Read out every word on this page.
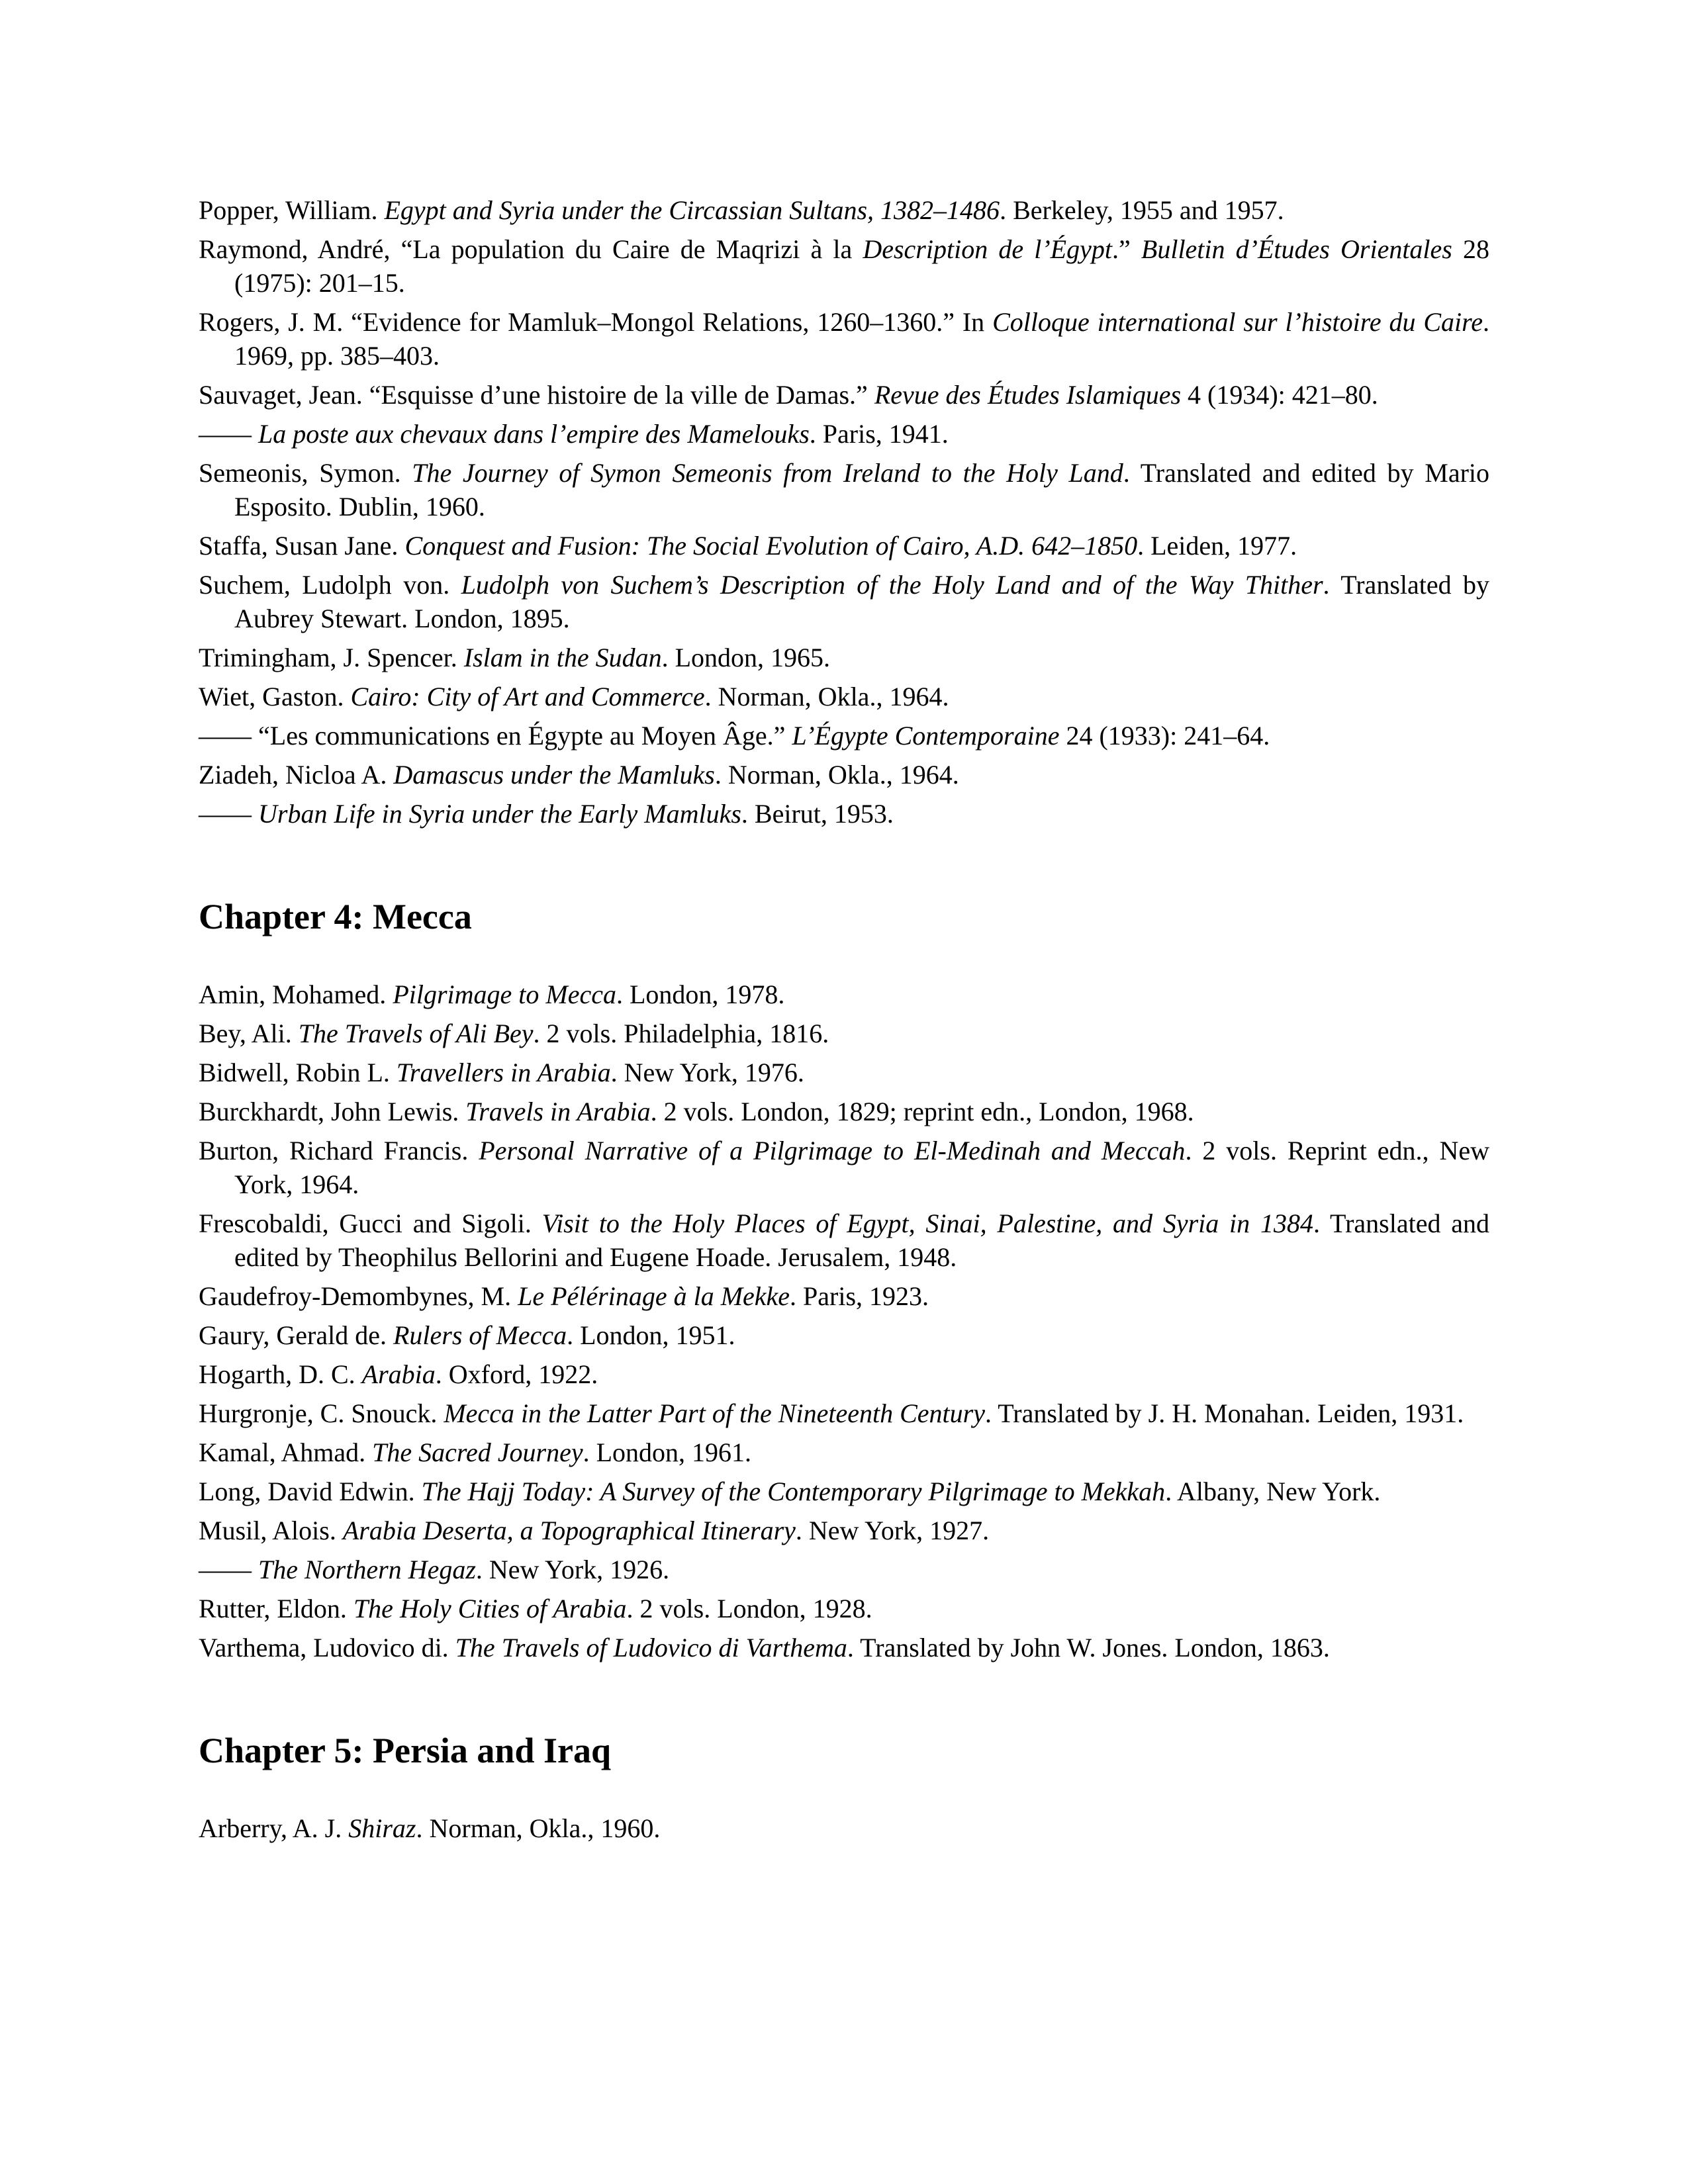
Popper, William. Egypt and Syria under the Circassian Sultans, 1382–1486. Berkeley, 1955 and 1957.

Raymond, André, “La population du Caire de Maqrizi à la Description de l’Égypt.” Bulletin d’Études Orientales 28 (1975): 201–15.

Rogers, J. M. “Evidence for Mamluk–Mongol Relations, 1260–1360.” In Colloque international sur l’histoire du Caire. 1969, pp. 385–403.

Sauvaget, Jean. “Esquisse d’une histoire de la ville de Damas.” Revue des Études Islamiques 4 (1934): 421–80.

—— La poste aux chevaux dans l’empire des Mamelouks. Paris, 1941.

Semeonis, Symon. The Journey of Symon Semeonis from Ireland to the Holy Land. Translated and edited by Mario Esposito. Dublin, 1960.

Staffa, Susan Jane. Conquest and Fusion: The Social Evolution of Cairo, A.D. 642–1850. Leiden, 1977.

Suchem, Ludolph von. Ludolph von Suchem’s Description of the Holy Land and of the Way Thither. Translated by Aubrey Stewart. London, 1895.

Trimingham, J. Spencer. Islam in the Sudan. London, 1965.

Wiet, Gaston. Cairo: City of Art and Commerce. Norman, Okla., 1964.

—— “Les communications en Égypte au Moyen Âge.” L’Égypte Contemporaine 24 (1933): 241–64.

Ziadeh, Nicloa A. Damascus under the Mamluks. Norman, Okla., 1964.

—— Urban Life in Syria under the Early Mamluks. Beirut, 1953.

Chapter 4: Mecca

Amin, Mohamed. Pilgrimage to Mecca. London, 1978.

Bey, Ali. The Travels of Ali Bey. 2 vols. Philadelphia, 1816.

Bidwell, Robin L. Travellers in Arabia. New York, 1976.

Burckhardt, John Lewis. Travels in Arabia. 2 vols. London, 1829; reprint edn., London, 1968.

Burton, Richard Francis. Personal Narrative of a Pilgrimage to El-Medinah and Meccah. 2 vols. Reprint edn., New York, 1964.

Frescobaldi, Gucci and Sigoli. Visit to the Holy Places of Egypt, Sinai, Palestine, and Syria in 1384. Translated and edited by Theophilus Bellorini and Eugene Hoade. Jerusalem, 1948.

Gaudefroy-Demombynes, M. Le Pélérinage à la Mekke. Paris, 1923.

Gaury, Gerald de. Rulers of Mecca. London, 1951.

Hogarth, D. C. Arabia. Oxford, 1922.

Hurgronje, C. Snouck. Mecca in the Latter Part of the Nineteenth Century. Translated by J. H. Monahan. Leiden, 1931.

Kamal, Ahmad. The Sacred Journey. London, 1961.

Long, David Edwin. The Hajj Today: A Survey of the Contemporary Pilgrimage to Mekkah. Albany, New York.

Musil, Alois. Arabia Deserta, a Topographical Itinerary. New York, 1927.

—— The Northern Hegaz. New York, 1926.

Rutter, Eldon. The Holy Cities of Arabia. 2 vols. London, 1928.

Varthema, Ludovico di. The Travels of Ludovico di Varthema. Translated by John W. Jones. London, 1863.

Chapter 5: Persia and Iraq

Arberry, A. J. Shiraz. Norman, Okla., 1960.
